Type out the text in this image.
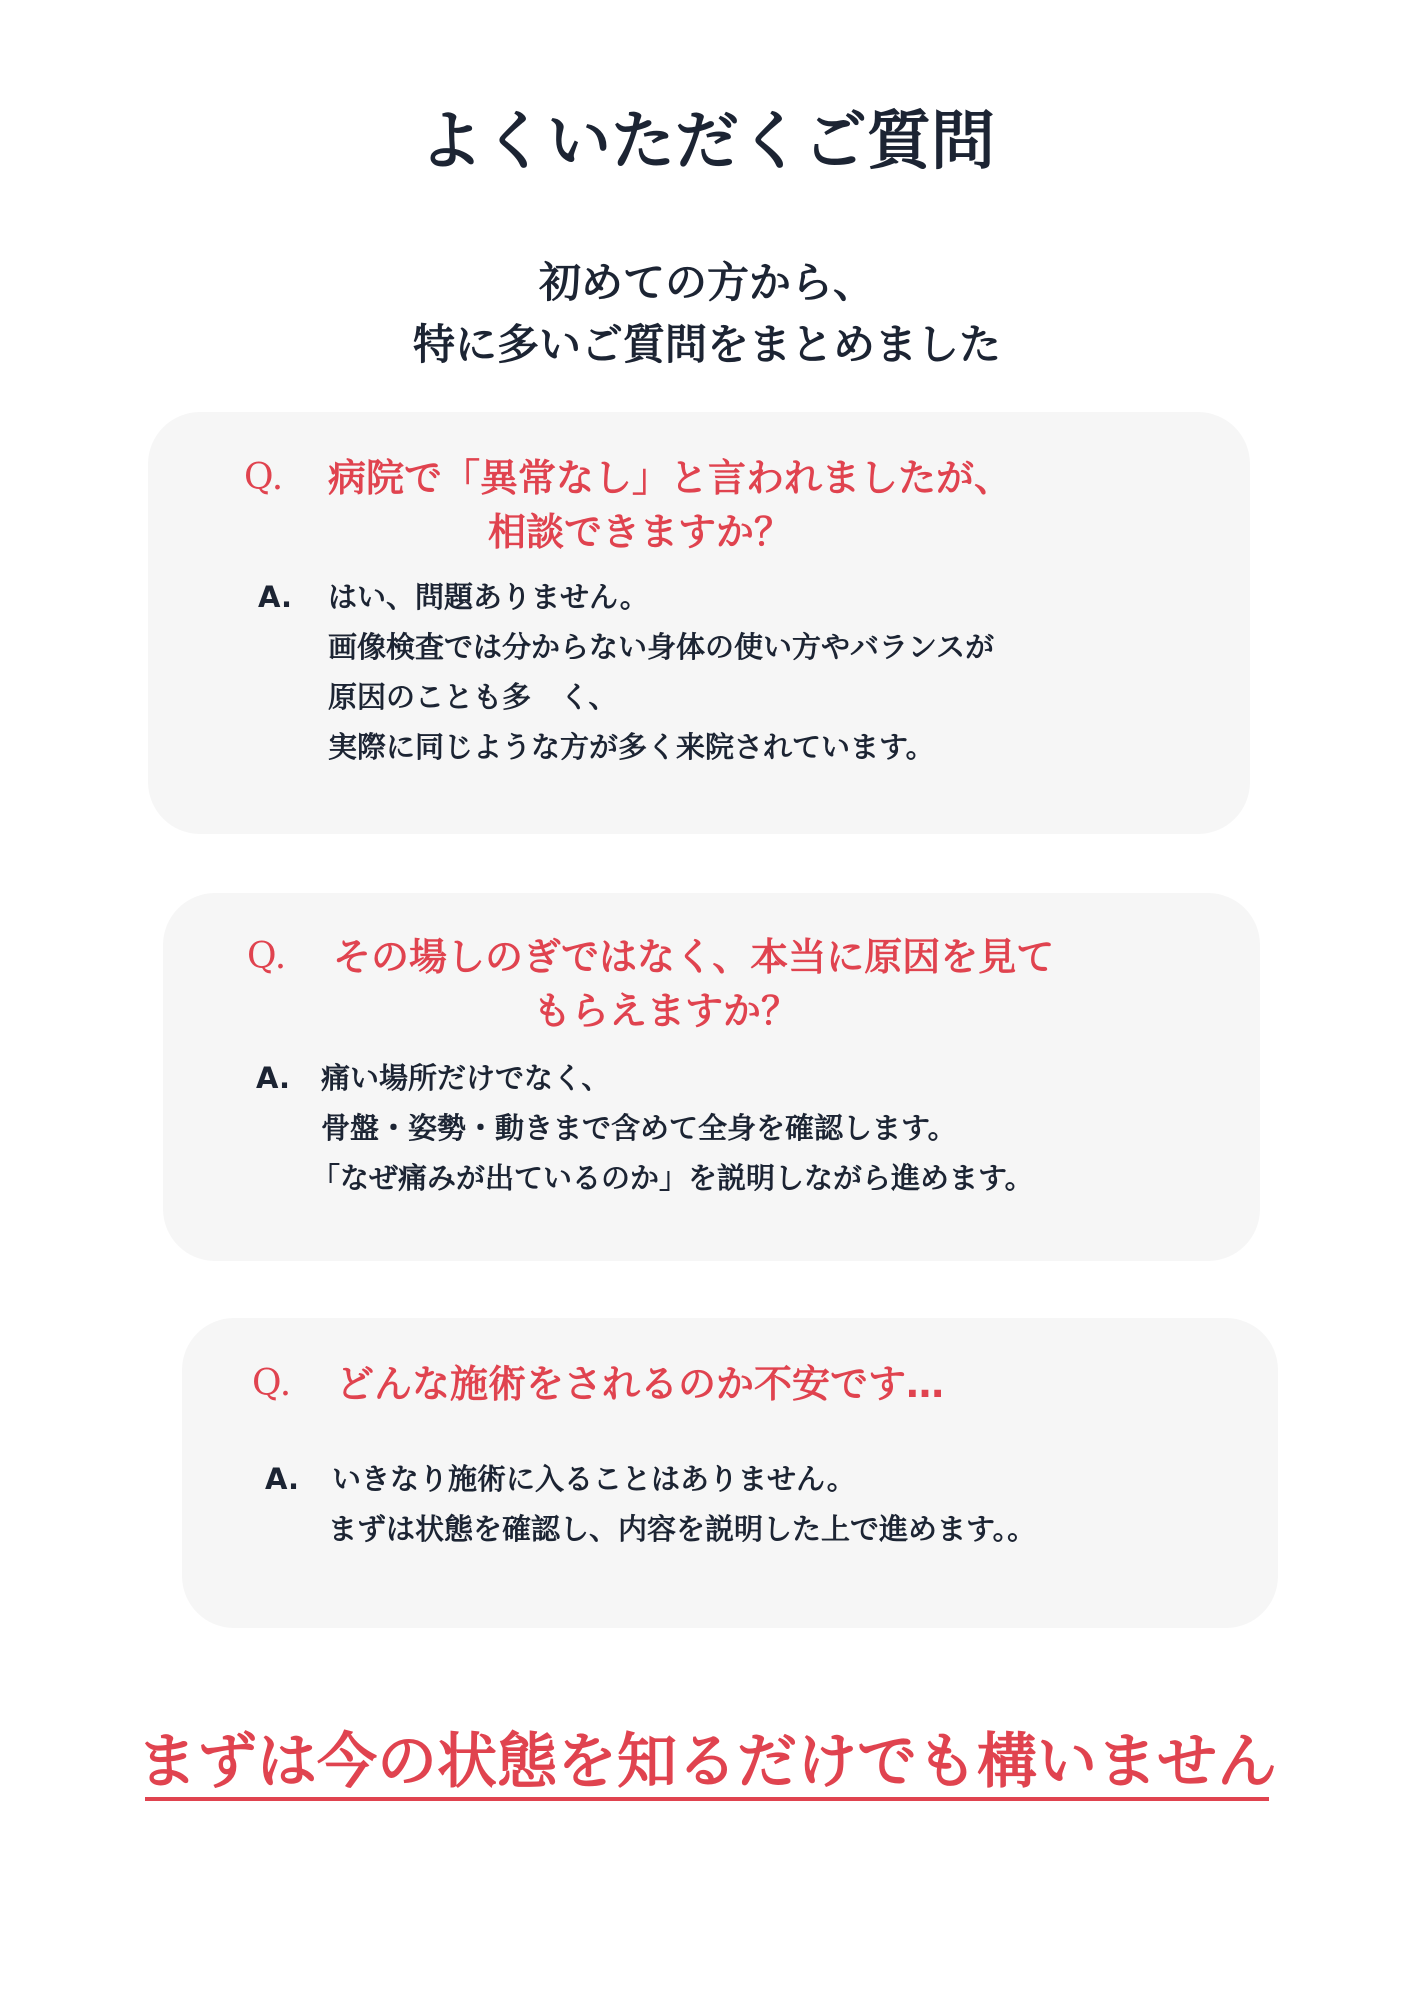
よくいただくご質問
初めての方から、
特に多いご質問をまとめました
Q. 病院で「異常なし」と言われましたが、
相談できますか？
A. はい、問題ありません。
画像検査では分からない身体の使い方やバランスが
原因のことも多　く、
実際に同じような方が多く来院されています。
Q. その場しのぎではなく、本当に原因を見て
もらえますか？
A. 痛い場所だけでなく、
骨盤・姿勢・動きまで含めて全身を確認します。
「なぜ痛みが出ているのか」を説明しながら進めます。
Q. どんな施術をされるのか不安です…
A. いきなり施術に入ることはありません。
まずは状態を確認し、内容を説明した上で進めます。。
まずは今の状態を知るだけでも構いません
